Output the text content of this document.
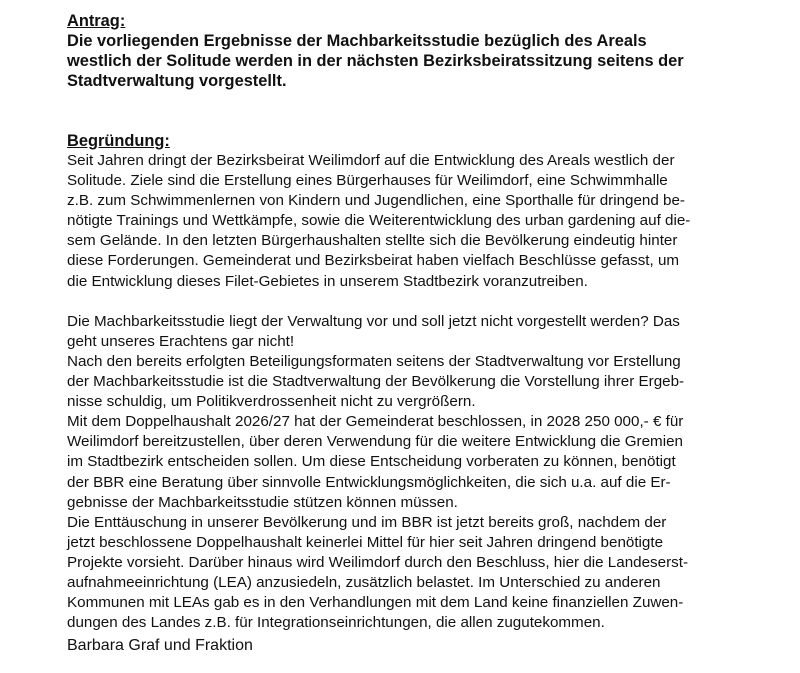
Antrag:

Die vorliegenden Ergebnisse der Machbarkeitsstudie bezüglich des Areals

westlich der Solitude werden in der nächsten Bezirksbeiratssitzung seitens der

Stadtverwaltung vorgestellt.

Begründung:

Seit Jahren dringt der Bezirksbeirat Weilimdorf auf die Entwicklung des Areals westlich der

Solitude. Ziele sind die Erstellung eines Bürgerhauses für Weilimdorf, eine Schwimmhalle

z.B. zum Schwimmenlernen von Kindern und Jugendlichen, eine Sporthalle für dringend be-

nötigte Trainings und Wettkämpfe, sowie die Weiterentwicklung des urban gardening auf die-

sem Gelände. In den letzten Bürgerhaushalten stellte sich die Bevölkerung eindeutig hinter

diese Forderungen. Gemeinderat und Bezirksbeirat haben vielfach Beschlüsse gefasst, um

die Entwicklung dieses Filet-Gebietes in unserem Stadtbezirk voranzutreiben.

Die Machbarkeitsstudie liegt der Verwaltung vor und soll jetzt nicht vorgestellt werden? Das

geht unseres Erachtens gar nicht!

Nach den bereits erfolgten Beteiligungsformaten seitens der Stadtverwaltung vor Erstellung

der Machbarkeitsstudie ist die Stadtverwaltung der Bevölkerung die Vorstellung ihrer Ergeb-

nisse schuldig, um Politikverdrossenheit nicht zu vergrößern.

Mit dem Doppelhaushalt 2026/27 hat der Gemeinderat beschlossen, in 2028 250 000,- € für

Weilimdorf bereitzustellen, über deren Verwendung für die weitere Entwicklung die Gremien

im Stadtbezirk entscheiden sollen. Um diese Entscheidung vorberaten zu können, benötigt

der BBR eine Beratung über sinnvolle Entwicklungsmöglichkeiten, die sich u.a. auf die Er-

gebnisse der Machbarkeitsstudie stützen können müssen.

Die Enttäuschung in unserer Bevölkerung und im BBR ist jetzt bereits groß, nachdem der

jetzt beschlossene Doppelhaushalt keinerlei Mittel für hier seit Jahren dringend benötigte

Projekte vorsieht. Darüber hinaus wird Weilimdorf durch den Beschluss, hier die Landeserst-

aufnahmeeinrichtung (LEA) anzusiedeln, zusätzlich belastet. Im Unterschied zu anderen

Kommunen mit LEAs gab es in den Verhandlungen mit dem Land keine finanziellen Zuwen-

dungen des Landes z.B. für Integrationseinrichtungen, die allen zugutekommen.

Barbara Graf und Fraktion
